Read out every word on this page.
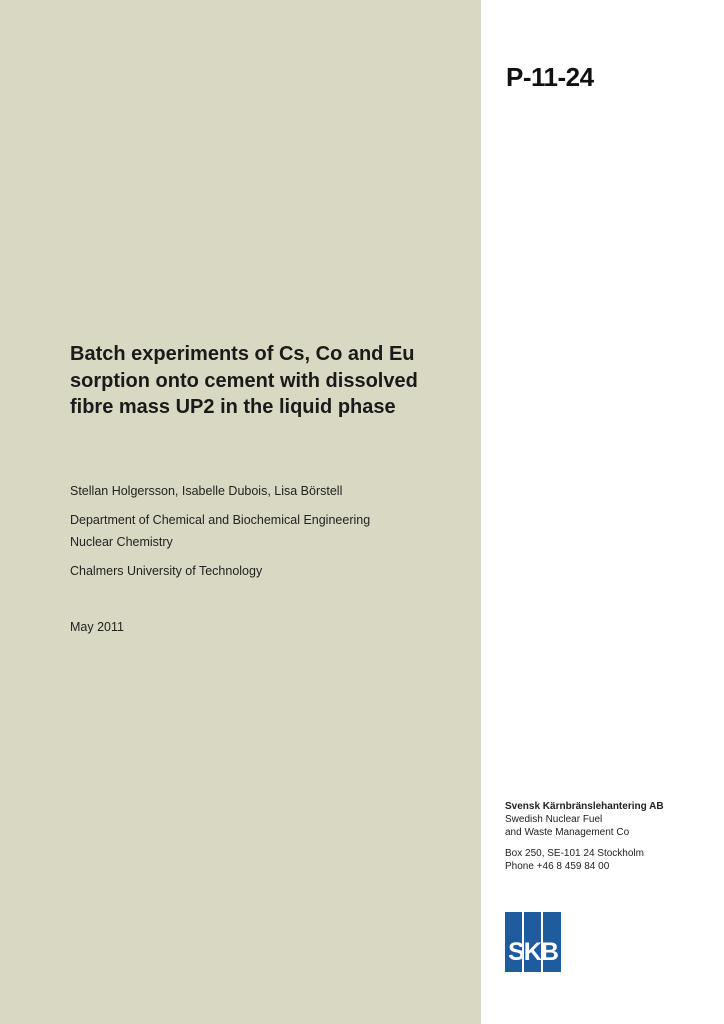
P-11-24
Batch experiments of Cs, Co and Eu sorption onto cement with dissolved fibre mass UP2 in the liquid phase
Stellan Holgersson, Isabelle Dubois, Lisa Börstell
Department of Chemical and Biochemical Engineering
Nuclear Chemistry
Chalmers University of Technology
May 2011
Svensk Kärnbränslehantering AB
Swedish Nuclear Fuel
and Waste Management Co
Box 250, SE-101 24 Stockholm
Phone +46 8 459 84 00
SKB
